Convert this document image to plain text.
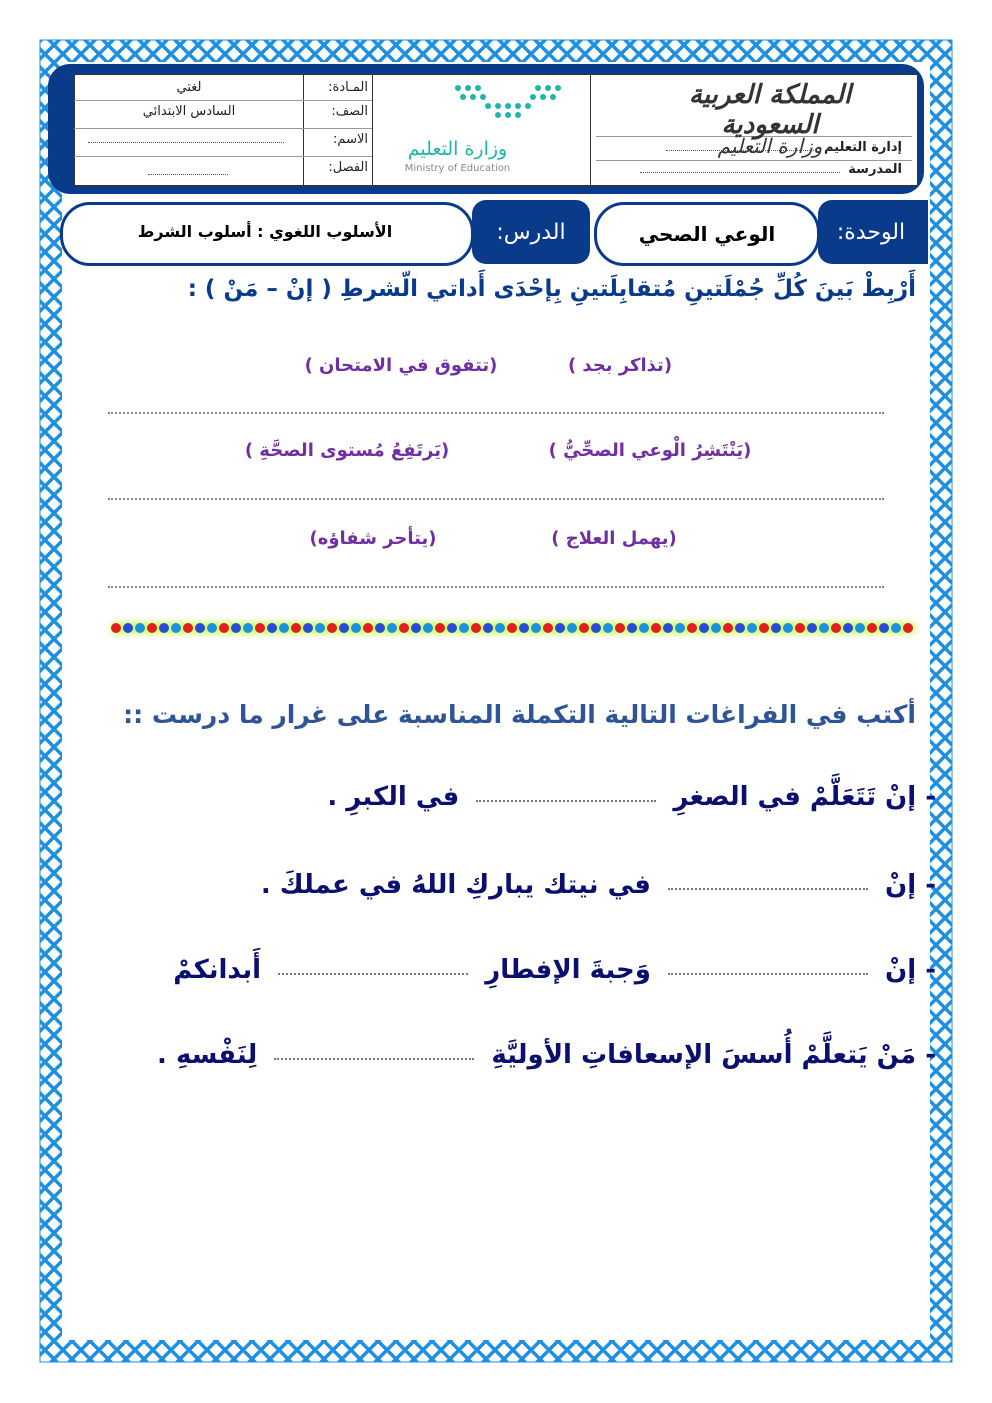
المملكة العربية السعودية
وزارة التعليم إدارة التعليم
المدرسة
وزارة التعليم
Ministry of Education
المـادة:
لغتي
الصف:
السادس الابتدائي
الاسم:
الفصل:
الوحدة:
الوعي الصحي
الدرس:
الأسلوب اللغوي : أسلوب الشرط
أَرْبِطْ بَينَ كُلِّ جُمْلَتينِ مُتقابِلَتينِ بِإحْدَى أَداتي الّشرطِ ( إنْ – مَنْ ) :
(تذاكر بجد )
(تتفوق في الامتحان )
(يَنْتَشِرُ الْوعي الصحِّيُّ )
(يَرتَفِعُ مُستوى الصحَّةِ )
(يهمل العلاج )
(يتأحر شفاؤه)
أكتب في الفراغات التالية التكملة المناسبة على غرار ما درست ::
- إنْ تَتَعَلَّمْ في الصغرِ  في الكبرِ .
- إنْ  في نيتك يباركِ اللهُ في عملكَ .
- إنْ  وَجبةَ الإفطارِ  أَبدانكمْ
- مَنْ يَتعلَّمْ أُسسَ الإسعافاتِ الأوليَّةِ  لِنَفْسهِ .
